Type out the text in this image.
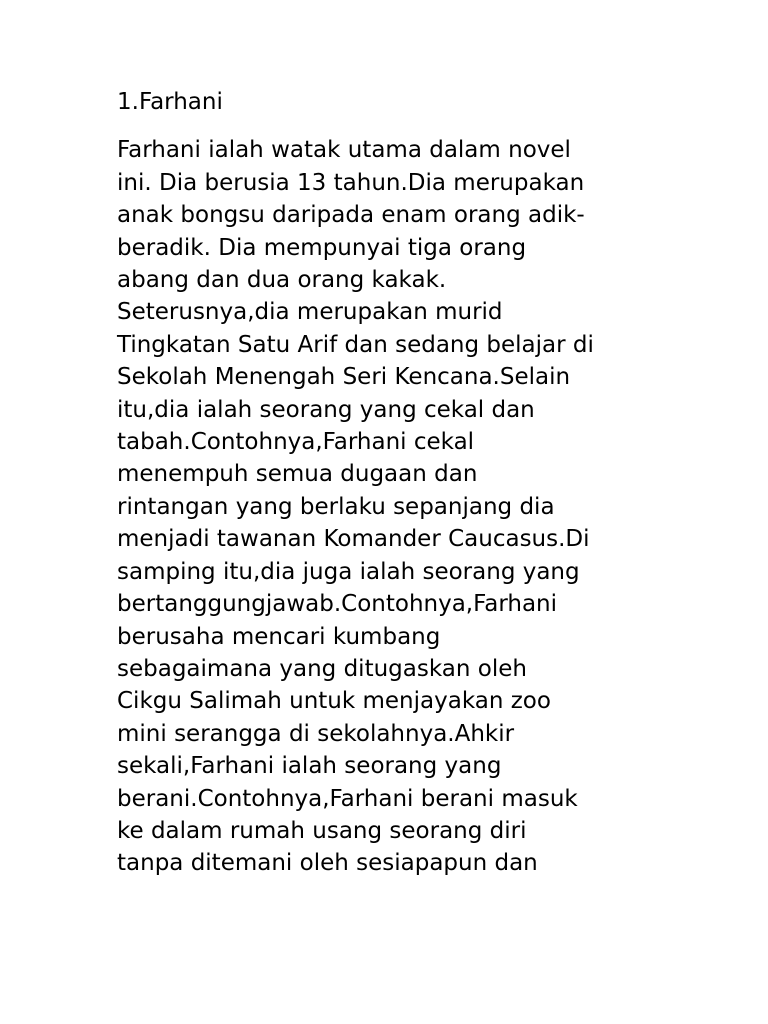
1.Farhani
Farhani ialah watak utama dalam novel
ini. Dia berusia 13 tahun.Dia merupakan
anak bongsu daripada enam orang adik-
beradik. Dia mempunyai tiga orang
abang dan dua orang kakak.
Seterusnya,dia merupakan murid
Tingkatan Satu Arif dan sedang belajar di
Sekolah Menengah Seri Kencana.Selain
itu,dia ialah seorang yang cekal dan
tabah.Contohnya,Farhani cekal
menempuh semua dugaan dan
rintangan yang berlaku sepanjang dia
menjadi tawanan Komander Caucasus.Di
samping itu,dia juga ialah seorang yang
bertanggungjawab.Contohnya,Farhani
berusaha mencari kumbang
sebagaimana yang ditugaskan oleh
Cikgu Salimah untuk menjayakan zoo
mini serangga di sekolahnya.Ahkir
sekali,Farhani ialah seorang yang
berani.Contohnya,Farhani berani masuk
ke dalam rumah usang seorang diri
tanpa ditemani oleh sesiapapun dan
